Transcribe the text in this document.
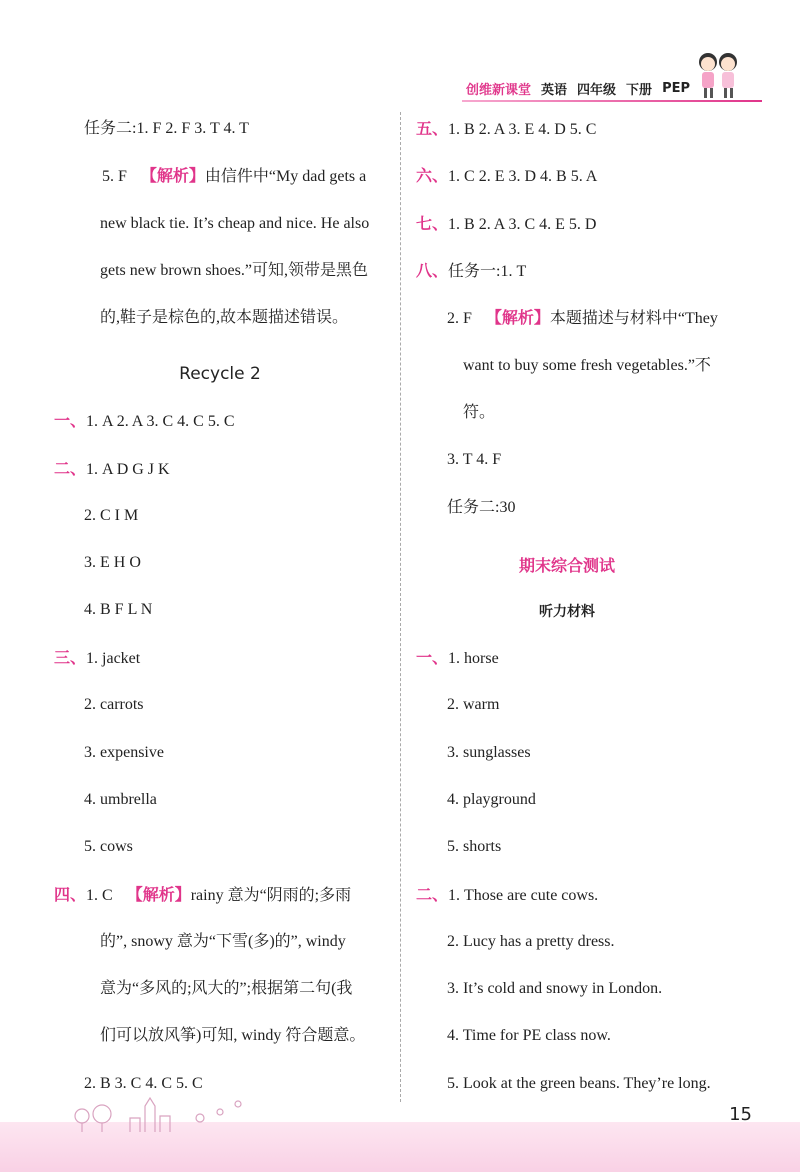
创维新课堂 英语 四年级 下册 PEP
任务二:1. F 2. F 3. T 4. T
5. F 【解析】由信件中“My dad gets a
new black tie. It’s cheap and nice. He also
gets new brown shoes.”可知,领带是黑色
的,鞋子是棕色的,故本题描述错误。
Recycle 2
一、1. A 2. A 3. C 4. C 5. C
二、1. A D G J K
2. C I M
3. E H O
4. B F L N
三、1. jacket
2. carrots
3. expensive
4. umbrella
5. cows
四、1. C 【解析】rainy 意为“阴雨的;多雨
的”, snowy 意为“下雪(多)的”, windy
意为“多风的;风大的”;根据第二句(我
们可以放风筝)可知, windy 符合题意。
2. B 3. C 4. C 5. C
五、1. B 2. A 3. E 4. D 5. C
六、1. C 2. E 3. D 4. B 5. A
七、1. B 2. A 3. C 4. E 5. D
八、任务一:1. T
2. F 【解析】本题描述与材料中“They
want to buy some fresh vegetables.”不
符。
3. T 4. F
任务二:30
期末综合测试
听力材料
一、1. horse
2. warm
3. sunglasses
4. playground
5. shorts
二、1. Those are cute cows.
2. Lucy has a pretty dress.
3. It’s cold and snowy in London.
4. Time for PE class now.
5. Look at the green beans. They’re long.
15
